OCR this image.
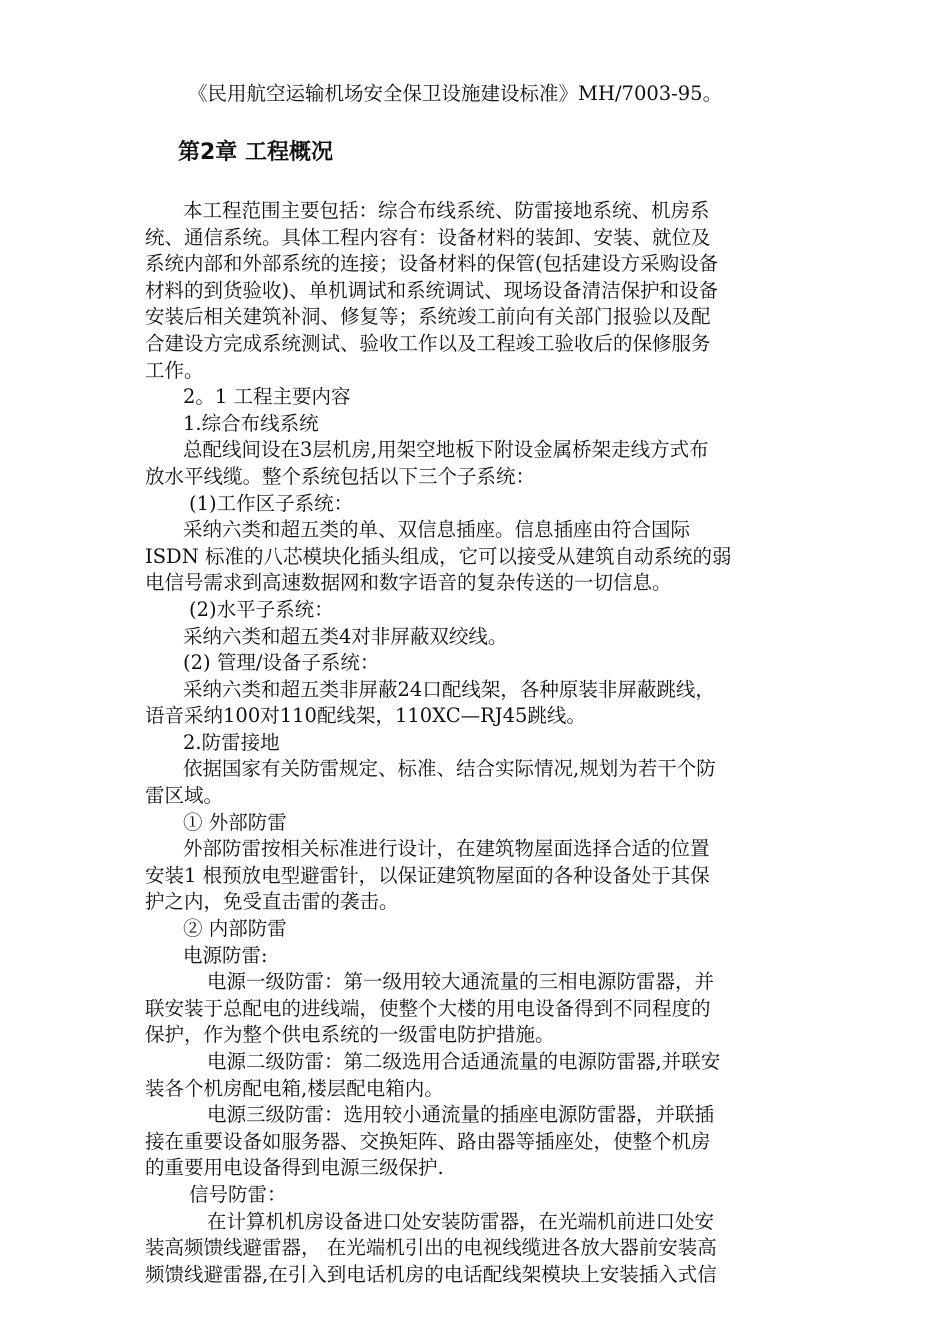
《民用航空运输机场安全保卫设施建设标准》MH/7003-95。
第2章 工程概况
本工程范围主要包括：综合布线系统、防雷接地系统、机房系
统、通信系统。具体工程内容有：设备材料的装卸、安装、就位及
系统内部和外部系统的连接；设备材料的保管(包括建设方采购设备
材料的到货验收)、单机调试和系统调试、现场设备清洁保护和设备
安装后相关建筑补洞、修复等；系统竣工前向有关部门报验以及配
合建设方完成系统测试、验收工作以及工程竣工验收后的保修服务
工作。
2。1 工程主要内容
1.综合布线系统
总配线间设在3层机房,用架空地板下附设金属桥架走线方式布
放水平线缆。整个系统包括以下三个子系统：
(1)工作区子系统：
采纳六类和超五类的单、双信息插座。信息插座由符合国际
ISDN 标准的八芯模块化插头组成，它可以接受从建筑自动系统的弱
电信号需求到高速数据网和数字语音的复杂传送的一切信息。
(2)水平子系统：
采纳六类和超五类4对非屏蔽双绞线。
(2) 管理/设备子系统：
采纳六类和超五类非屏蔽24口配线架，各种原装非屏蔽跳线，
语音采纳100对110配线架，110XC—RJ45跳线。
2.防雷接地
依据国家有关防雷规定、标准、结合实际情况,规划为若干个防
雷区域。
① 外部防雷
外部防雷按相关标准进行设计，在建筑物屋面选择合适的位置
安装1 根预放电型避雷针，以保证建筑物屋面的各种设备处于其保
护之内，免受直击雷的袭击。
② 内部防雷
电源防雷:
电源一级防雷：第一级用较大通流量的三相电源防雷器，并
联安装于总配电的进线端，使整个大楼的用电设备得到不同程度的
保护，作为整个供电系统的一级雷电防护措施。
电源二级防雷：第二级选用合适通流量的电源防雷器,并联安
装各个机房配电箱,楼层配电箱内。
电源三级防雷：选用较小通流量的插座电源防雷器，并联插
接在重要设备如服务器、交换矩阵、路由器等插座处，使整个机房
的重要用电设备得到电源三级保护.
信号防雷：
在计算机机房设备进口处安装防雷器，在光端机前进口处安
装高频馈线避雷器， 在光端机引出的电视线缆进各放大器前安装高
频馈线避雷器,在引入到电话机房的电话配线架模块上安装插入式信
